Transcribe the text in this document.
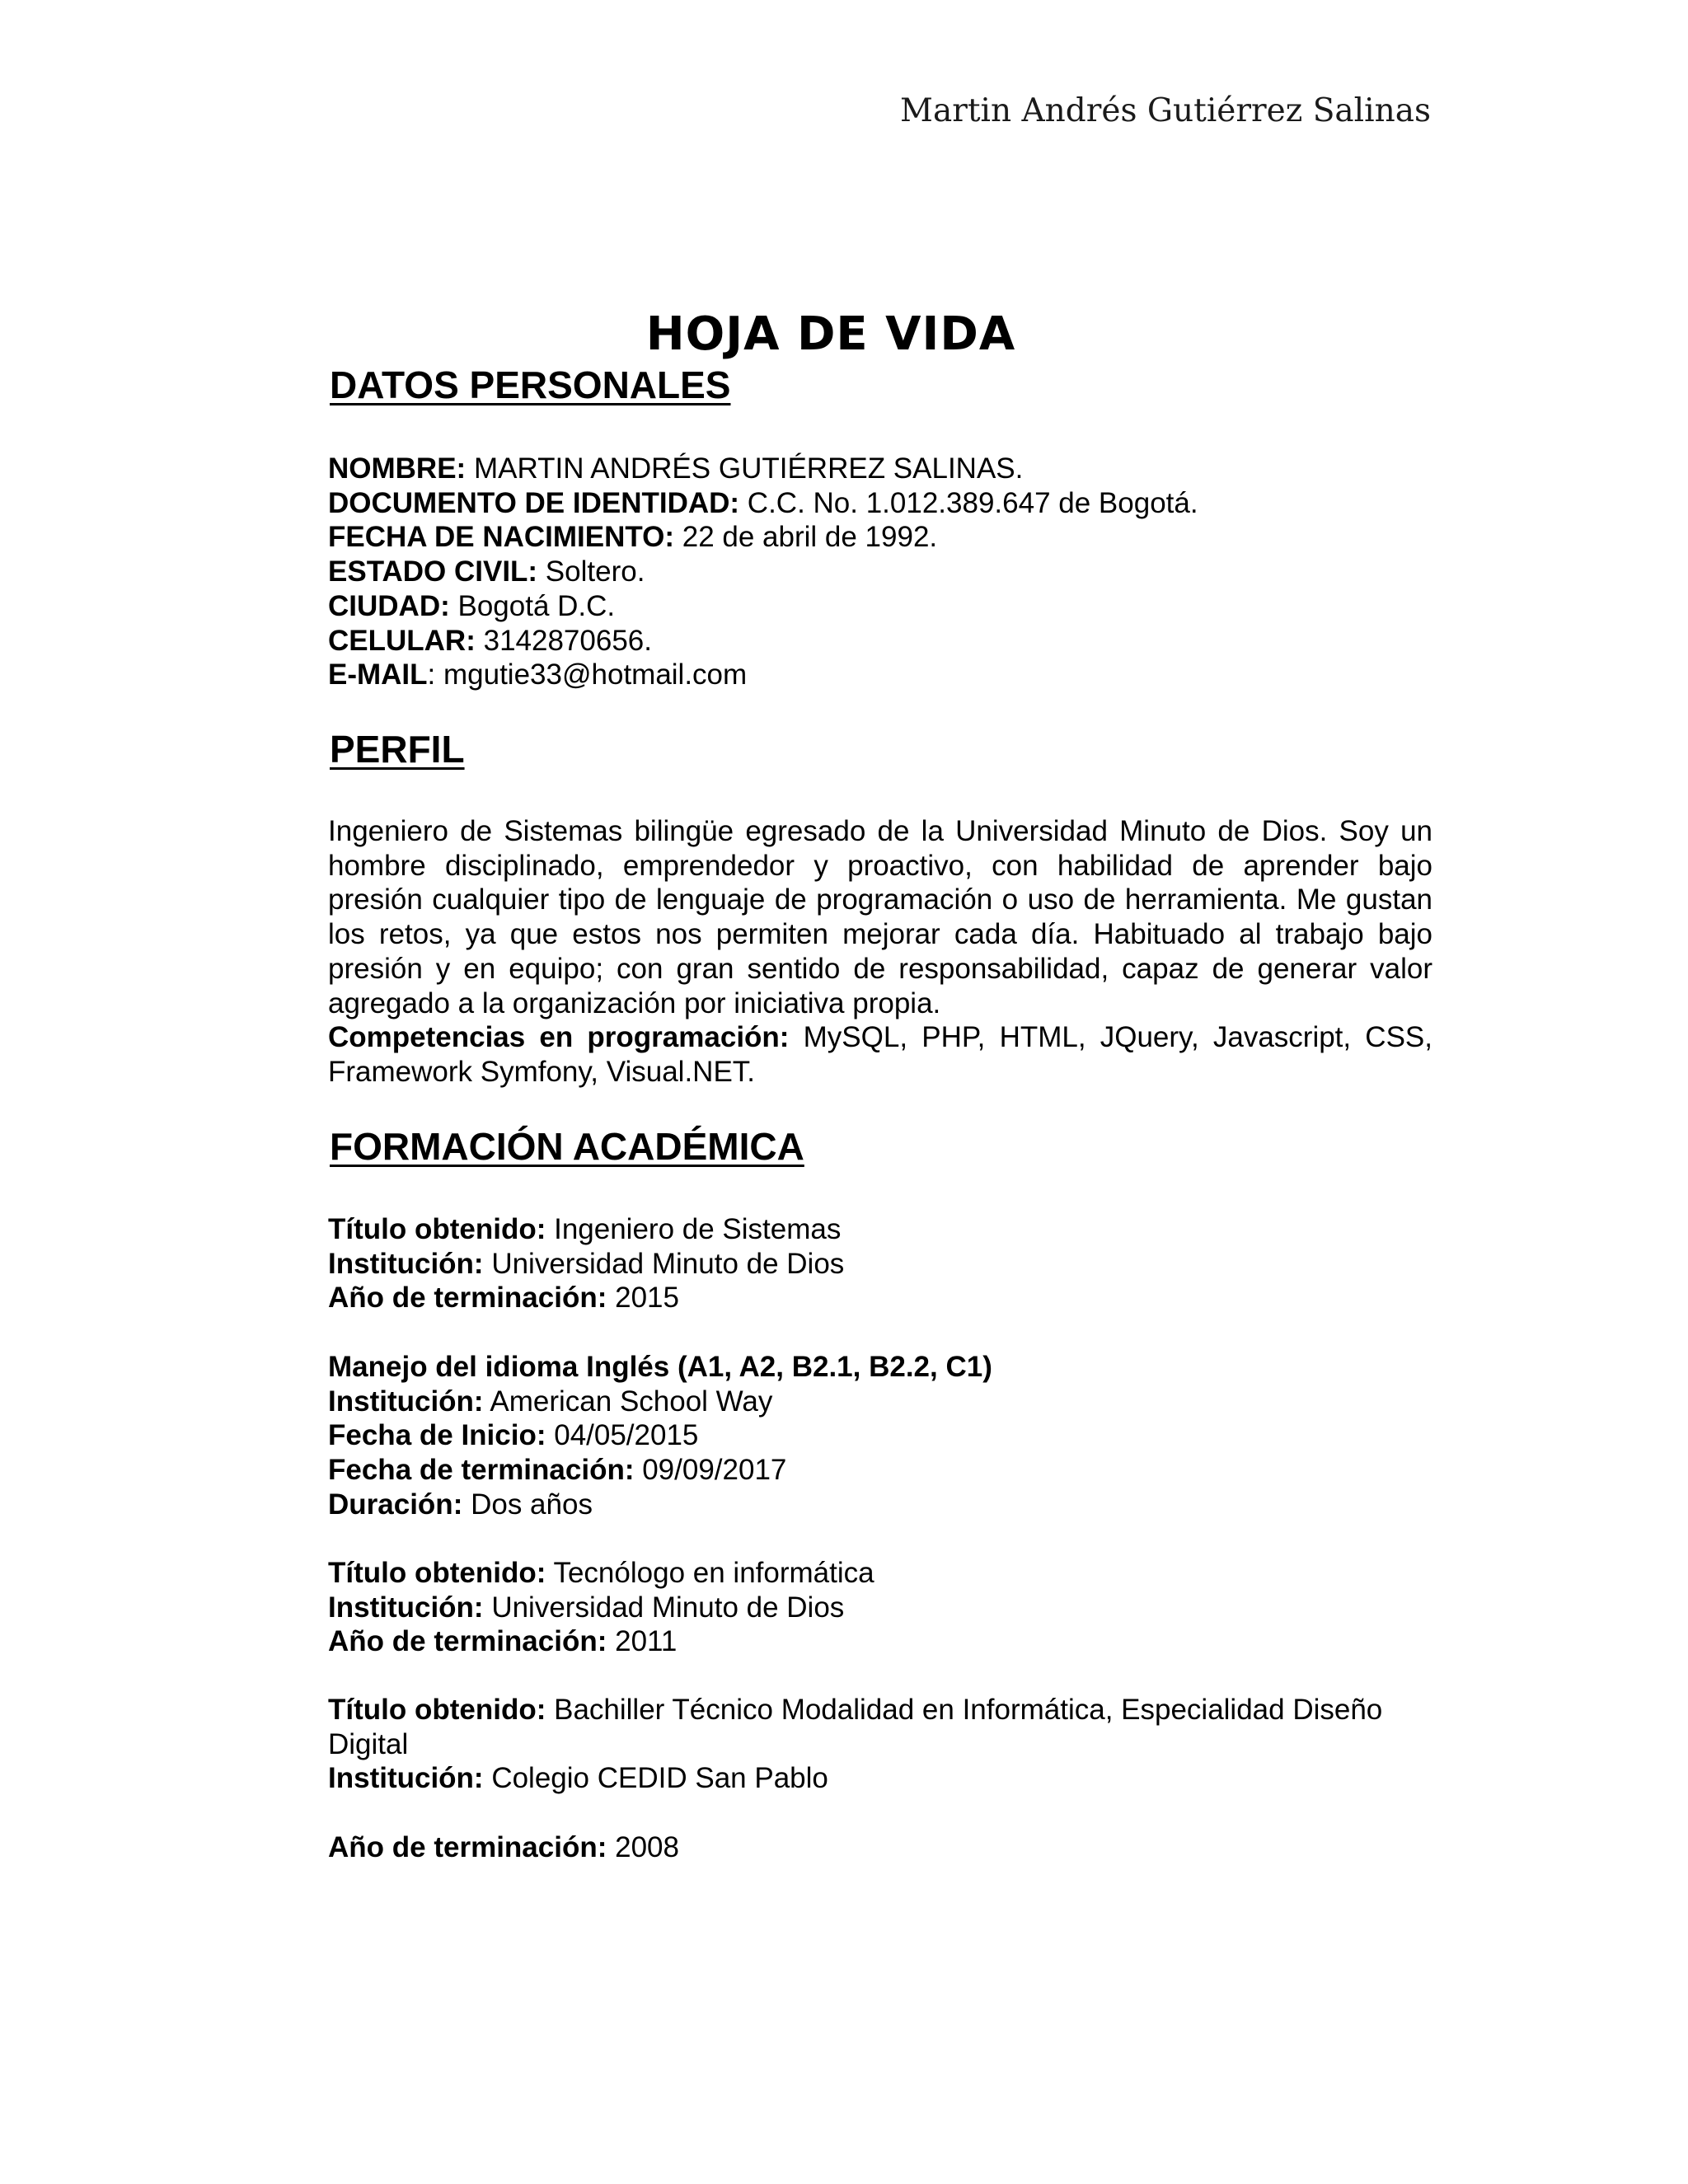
Martin Andrés Gutiérrez Salinas
HOJA DE VIDA
DATOS PERSONALES
NOMBRE: MARTIN ANDRÉS GUTIÉRREZ SALINAS.
DOCUMENTO DE IDENTIDAD: C.C. No. 1.012.389.647 de Bogotá.
FECHA DE NACIMIENTO: 22 de abril de 1992.
ESTADO CIVIL: Soltero.
CIUDAD: Bogotá D.C.
CELULAR: 3142870656.
E-MAIL: mgutie33@hotmail.com
PERFIL
Ingeniero de Sistemas bilingüe egresado de la Universidad Minuto de Dios. Soy un hombre disciplinado, emprendedor y proactivo, con habilidad de aprender bajo presión cualquier tipo de lenguaje de programación o uso de herramienta. Me gustan los retos, ya que estos nos permiten mejorar cada día. Habituado al trabajo bajo presión y en equipo; con gran sentido de responsabilidad, capaz de generar valor agregado a la organización por iniciativa propia.
Competencias en programación: MySQL, PHP, HTML, JQuery, Javascript, CSS, Framework Symfony, Visual.NET.
FORMACIÓN ACADÉMICA
Título obtenido: Ingeniero de Sistemas
Institución: Universidad Minuto de Dios
Año de terminación: 2015
Manejo del idioma Inglés (A1, A2, B2.1, B2.2, C1)
Institución: American School Way
Fecha de Inicio: 04/05/2015
Fecha de terminación: 09/09/2017
Duración: Dos años
Título obtenido: Tecnólogo en informática
Institución: Universidad Minuto de Dios
Año de terminación: 2011
Título obtenido: Bachiller Técnico Modalidad en Informática, Especialidad Diseño
Digital
Institución: Colegio CEDID San Pablo
Año de terminación: 2008
